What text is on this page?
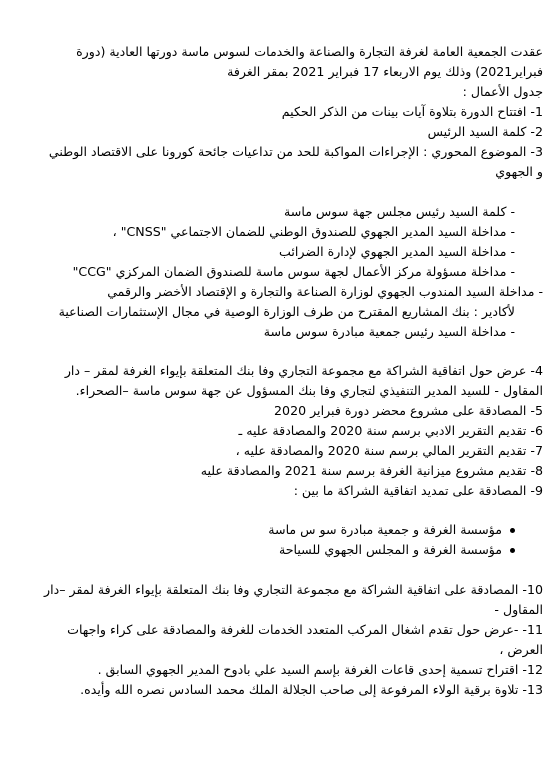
عقدت الجمعية العامة لغرفة التجارة والصناعة والخدمات لسوس ماسة دورتها العادية (دورة
فبراير2021) وذلك يوم الاربعاء 17 فبراير 2021 بمقر الغرفة
جدول الأعمال :
1- افتتاح الدورة بتلاوة آيات بينات من الذكر الحكيم
2- كلمة السيد الرئيس
3- الموضوع المحوري : الإجراءات المواكبة للحد من تداعيات جائحة كورونا على الاقتصاد الوطني
و الجهوي
- كلمة السيد رئيس مجلس جهة سوس ماسة
- مداخلة السيد المدير الجهوي للصندوق الوطني للضمان الاجتماعي "CNSS" ،
- مداخلة السيد المدير الجهوي لإدارة الضرائب
- مداخلة مسؤولة مركز الأعمال لجهة سوس ماسة للصندوق الضمان المركزي "CCG"
- مداخلة السيد المندوب الجهوي لوزارة الصناعة والتجارة و الإقتصاد الأخضر والرقمي
لأكادير : بنك المشاريع المقترح من طرف الوزارة الوصية في مجال الإستثمارات الصناعية
- مداخلة السيد رئيس جمعية مبادرة سوس ماسة
4- عرض حول اتفاقية الشراكة مع مجموعة التجاري وفا بنك المتعلقة بإيواء الغرفة لمقر – دار
المقاول - للسيد المدير التنفيذي لتجاري وفا بنك المسؤول عن جهة سوس ماسة –الصحراء.
5- المصادقة على مشروع محضر دورة فبراير 2020
6- تقديم التقرير الادبي برسم سنة 2020 والمصادقة عليه ـ
7- تقديم التقرير المالي برسم سنة 2020 والمصادقة عليه ،
8- تقديم مشروع ميزانية الغرفة برسم سنة 2021 والمصادقة عليه
9- المصادقة على تمديد اتفاقية الشراكة ما بين :
مؤسسة الغرفة و جمعية مبادرة سو س ماسة
مؤسسة الغرفة و المجلس الجهوي للسياحة
10- المصادقة على اتفاقية الشراكة مع مجموعة التجاري وفا بنك المتعلقة بإيواء الغرفة لمقر –دار
المقاول -
11- -عرض حول تقدم اشغال المركب المتعدد الخدمات للغرفة والمصادقة على كراء واجهات
العرض ،
12- اقتراح تسمية إحدى قاعات الغرفة بإسم السيد علي بادوح المدير الجهوي السابق .
13- تلاوة برقية الولاء المرفوعة إلى صاحب الجلالة الملك محمد السادس نصره الله وأيده.
